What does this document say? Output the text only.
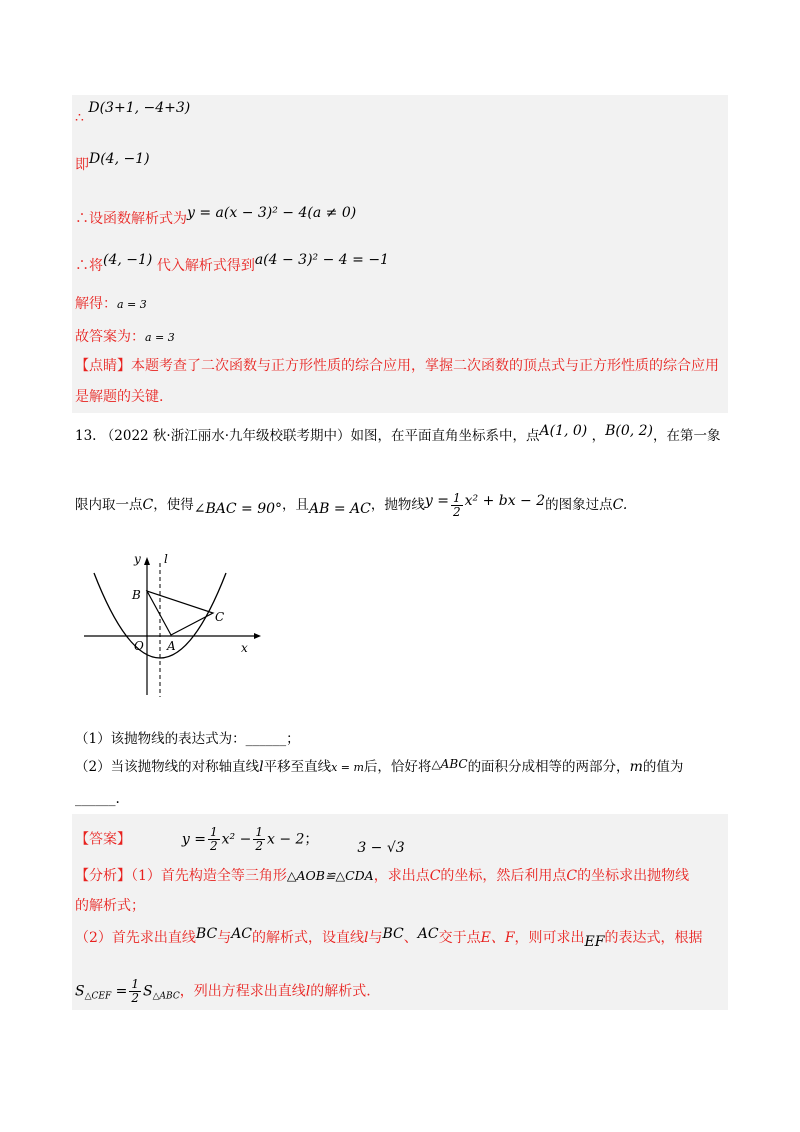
∴ D(3+1, −4+3)
即D(4, −1)
∴设函数解析式为y = a(x − 3)² − 4(a ≠ 0)
∴将(4, −1) 代入解析式得到a(4 − 3)² − 4 = −1
解得：a = 3
故答案为：a = 3
【点睛】本题考查了二次函数与正方形性质的综合应用，掌握二次函数的顶点式与正方形性质的综合应用
是解题的关键.
13. （2022 秋·浙江丽水·九年级校联考期中）如图，在平面直角坐标系中，点A(1, 0) ，B(0, 2)，在第一象
限内取一点C，使得∠BAC = 90°，且AB = AC，抛物线$y = \frac{1}{2} x^2$ + bx − 2的图象过点C.
y l
B
C
O A	x
（1）该抛物线的表达式为：______；
（2）当该抛物线的对称轴直线l平移至直线x = m后，恰好将△ABC的面积分成相等的两部分，m的值为
______.
【答案】	$y = \frac{1}{2} x^2 - \frac{1}{2}$ x − 2；	3 − √3
【分析】（1）首先构造全等三角形△AOB≌△CDA，求出点C的坐标，然后利用点C的坐标求出抛物线
的解析式；
（2）首先求出直线BC与AC的解析式，设直线l与BC、AC交于点E、F，则可求出EF的表达式，根据
$S_{\triangle CEF} = \frac{1}{2} S_{\triangle ABC}$，列出方程求出直线l的解析式.
